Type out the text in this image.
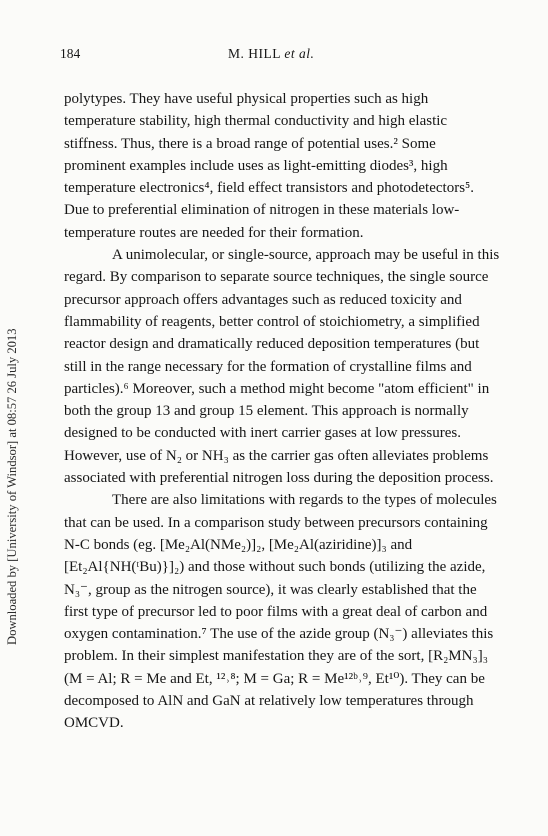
184	M. HILL et al.
Downloaded by [University of Windsor] at 08:57 26 July 2013

polytypes. They have useful physical properties such as high temperature stability, high thermal conductivity and high elastic stiffness. Thus, there is a broad range of potential uses.² Some prominent examples include uses as light-emitting diodes³, high temperature electronics⁴, field effect transistors and photodetectors⁵. Due to preferential elimination of nitrogen in these materials low-temperature routes are needed for their formation.

A unimolecular, or single-source, approach may be useful in this regard. By comparison to separate source techniques, the single source precursor approach offers advantages such as reduced toxicity and flammability of reagents, better control of stoichiometry, a simplified reactor design and dramatically reduced deposition temperatures (but still in the range necessary for the formation of crystalline films and particles).⁶ Moreover, such a method might become "atom efficient" in both the group 13 and group 15 element. This approach is normally designed to be conducted with inert carrier gases at low pressures. However, use of N₂ or NH₃ as the carrier gas often alleviates problems associated with preferential nitrogen loss during the deposition process.

There are also limitations with regards to the types of molecules that can be used. In a comparison study between precursors containing N-C bonds (eg. [Me₂Al(NMe₂)]₂, [Me₂Al(aziridine)]₃ and [Et₂Al{NH(ᵗBu)}]₂) and those without such bonds (utilizing the azide, N₃⁻, group as the nitrogen source), it was clearly established that the first type of precursor led to poor films with a great deal of carbon and oxygen contamination.⁷ The use of the azide group (N₃⁻) alleviates this problem. In their simplest manifestation they are of the sort, [R₂MN₃]₃ (M = Al; R = Me and Et, ¹²˒⁸; M = Ga; R = Me¹²ᵇ˒⁹, Et¹⁰). They can be decomposed to AlN and GaN at relatively low temperatures through OMCVD.
